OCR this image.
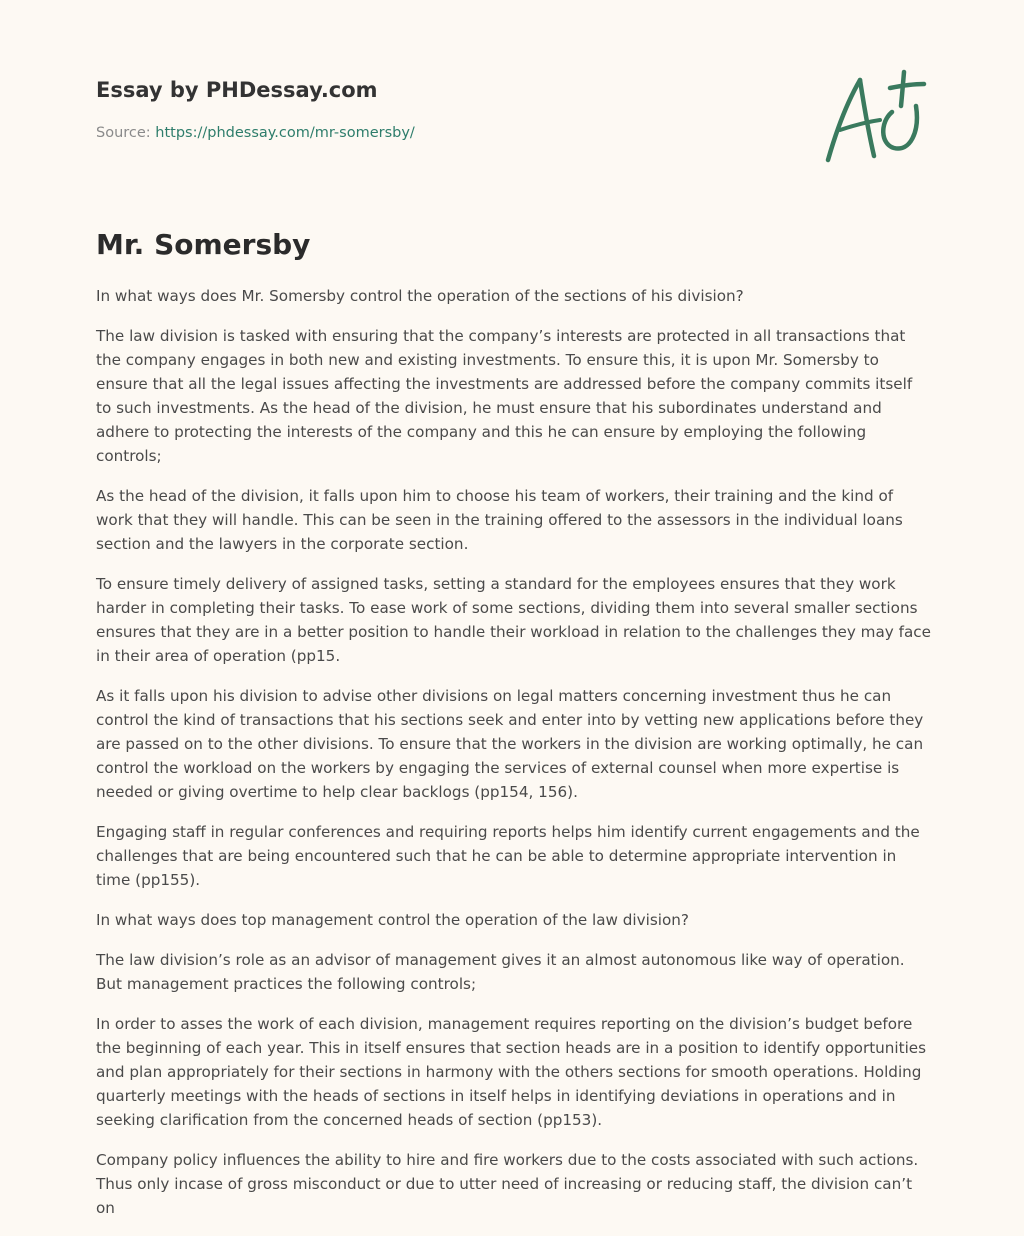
Essay by PHDessay.com
Source: https://phdessay.com/mr-somersby/
Mr. Somersby

In what ways does Mr. Somersby control the operation of the sections of his division?

The law division is tasked with ensuring that the company’s interests are protected in all transactions that the company engages in both new and existing investments. To ensure this, it is upon Mr. Somersby to ensure that all the legal issues affecting the investments are addressed before the company commits itself to such investments. As the head of the division, he must ensure that his subordinates understand and adhere to protecting the interests of the company and this he can ensure by employing the following controls;

As the head of the division, it falls upon him to choose his team of workers, their training and the kind of work that they will handle. This can be seen in the training offered to the assessors in the individual loans section and the lawyers in the corporate section.

To ensure timely delivery of assigned tasks, setting a standard for the employees ensures that they work harder in completing their tasks. To ease work of some sections, dividing them into several smaller sections ensures that they are in a better position to handle their workload in relation to the challenges they may face in their area of operation (pp15.

As it falls upon his division to advise other divisions on legal matters concerning investment thus he can control the kind of transactions that his sections seek and enter into by vetting new applications before they are passed on to the other divisions. To ensure that the workers in the division are working optimally, he can control the workload on the workers by engaging the services of external counsel when more expertise is needed or giving overtime to help clear backlogs (pp154, 156).

Engaging staff in regular conferences and requiring reports helps him identify current engagements and the challenges that are being encountered such that he can be able to determine appropriate intervention in time (pp155).

In what ways does top management control the operation of the law division?

The law division’s role as an advisor of management gives it an almost autonomous like way of operation. But management practices the following controls;

In order to asses the work of each division, management requires reporting on the division’s budget before the beginning of each year. This in itself ensures that section heads are in a position to identify opportunities and plan appropriately for their sections in harmony with the others sections for smooth operations. Holding quarterly meetings with the heads of sections in itself helps in identifying deviations in operations and in seeking clarification from the concerned heads of section (pp153).

Company policy influences the ability to hire and fire workers due to the costs associated with such actions. Thus only incase of gross misconduct or due to utter need of increasing or reducing staff, the division can’t on
